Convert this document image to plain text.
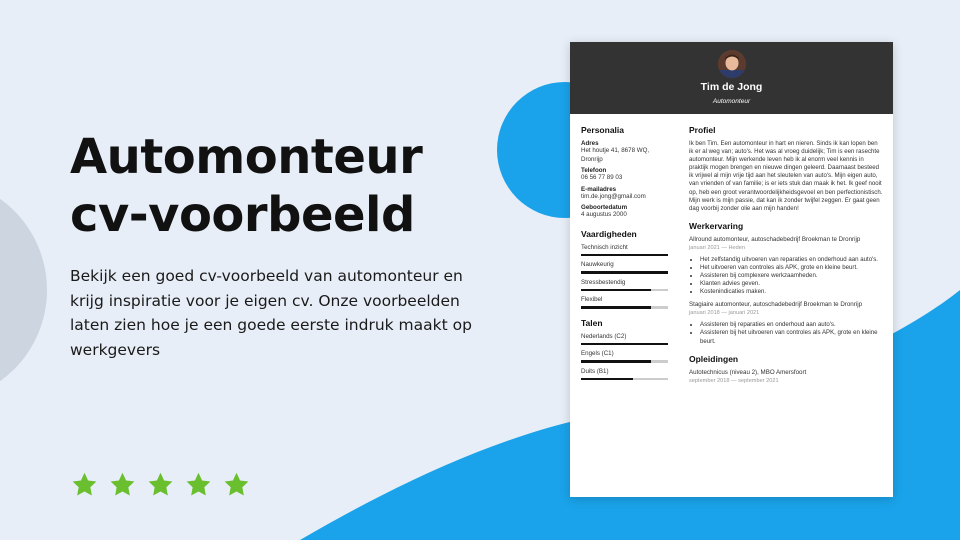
Automonteur
cv-voorbeeld

Bekijk een goed cv-voorbeeld van automonteur en krijg inspiratie voor je eigen cv. Onze voorbeelden laten zien hoe je een goede eerste indruk maakt op werkgevers

Tim de Jong
Automonteur
Personalia
Adres
Het houtje 41, 8678 WQ,
Dronrijp
Telefoon
06 56 77 89 03
E-mailadres
tim.de.jong@gmail.com
Geboortedatum
4 augustus 2000
Vaardigheden
Technisch inzicht
Nauwkeurig
Stressbestendig
Flexibel
Talen
Nederlands (C2)
Engels (C1)
Duits (B1)
Profiel

Ik ben Tim. Een automonteur in hart en nieren. Sinds ik kan lopen ben ik er al weg van; auto's. Het was al vroeg duidelijk; Tim is een rasechte automonteur. Mijn werkende leven heb ik al enorm veel kennis in praktijk mogen brengen en nieuwe dingen geleerd. Daarnaast besteed ik vrijwel al mijn vrije tijd aan het sleutelen van auto's. Mijn eigen auto, van vrienden of van familie; is er iets stuk dan maak ik het. Ik geef nooit op, heb een groot verantwoordelijkheidsgevoel en ben perfectionistisch. Mijn werk is mijn passie, dat kan ik zonder twijfel zeggen. Er gaat geen dag voorbij zonder olie aan mijn handen!

Werkervaring
Allround automonteur, autoschadebedrijf Broekman te Dronrijp
januari 2021 — Heden
• Het zelfstandig uitvoeren van reparaties en onderhoud aan auto's.
• Het uitvoeren van controles als APK, grote en kleine beurt.
• Assisteren bij complexere werkzaamheden.
• Klanten advies geven.
• Kostenindicaties maken.
Stagiaire automonteur, autoschadebedrijf Broekman te Dronrijp
januari 2018 — januari 2021
• Assisteren bij reparaties en onderhoud aan auto's.
• Assisteren bij het uitvoeren van controles als APK, grote en kleine beurt.
Opleidingen
Autotechnicus (niveau 2), MBO Amersfoort
september 2018 — september 2021
